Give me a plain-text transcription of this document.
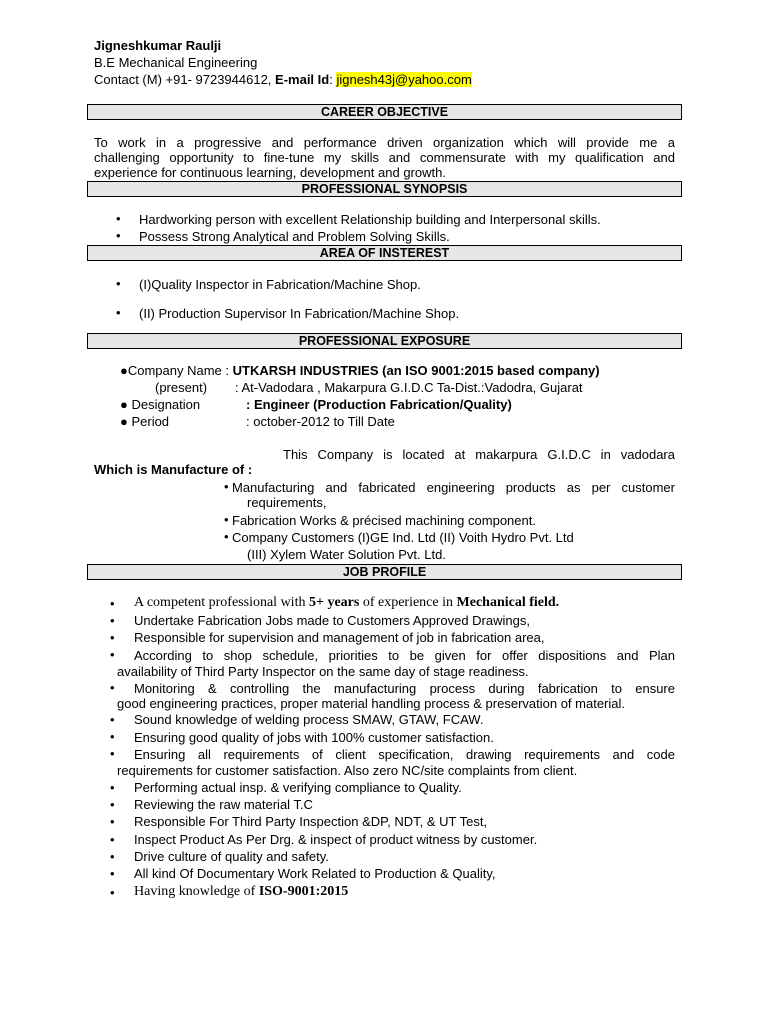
Jigneshkumar Raulji
B.E Mechanical Engineering
Contact (M) +91- 9723944612, E-mail Id: jignesh43j@yahoo.com
CAREER OBJECTIVE
To work in a progressive and performance driven organization which will provide me a
challenging opportunity to fine-tune my skills and commensurate with my qualification and
experience for continuous learning, development and growth.
PROFESSIONAL SYNOPSIS
• Hardworking person with excellent Relationship building and Interpersonal skills.
• Possess Strong Analytical and Problem Solving Skills.
AREA OF INSTEREST
• (I)Quality Inspector in Fabrication/Machine Shop.
• (II) Production Supervisor In Fabrication/Machine Shop.
PROFESSIONAL EXPOSURE
●Company Name : UTKARSH INDUSTRIES (an ISO 9001:2015 based company)
(present) : At-Vadodara , Makarpura G.I.D.C Ta-Dist.:Vadodra, Gujarat
● Designation	: Engineer (Production Fabrication/Quality)
● Period	: october-2012 to Till Date
This Company is located at makarpura G.I.D.C in vadodara
Which is Manufacture of :
• Manufacturing and fabricated engineering products as per customer
requirements,
• Fabrication Works & précised machining component.
• Company Customers (I)GE Ind. Ltd (II) Voith Hydro Pvt. Ltd
(III) Xylem Water Solution Pvt. Ltd.
JOB PROFILE
• A competent professional with 5+ years of experience in Mechanical field.
• Undertake Fabrication Jobs made to Customers Approved Drawings,
• Responsible for supervision and management of job in fabrication area,
• According to shop schedule, priorities to be given for offer dispositions and Plan
availability of Third Party Inspector on the same day of stage readiness.
• Monitoring & controlling the manufacturing process during fabrication to ensure
good engineering practices, proper material handling process & preservation of material.
• Sound knowledge of welding process SMAW, GTAW, FCAW.
• Ensuring good quality of jobs with 100% customer satisfaction.
• Ensuring all requirements of client specification, drawing requirements and code
requirements for customer satisfaction. Also zero NC/site complaints from client.
• Performing actual insp. & verifying compliance to Quality.
• Reviewing the raw material T.C
• Responsible For Third Party Inspection &DP, NDT, & UT Test,
• Inspect Product As Per Drg. & inspect of product witness by customer.
• Drive culture of quality and safety.
• All kind Of Documentary Work Related to Production & Quality,
• Having knowledge of ISO-9001:2015
